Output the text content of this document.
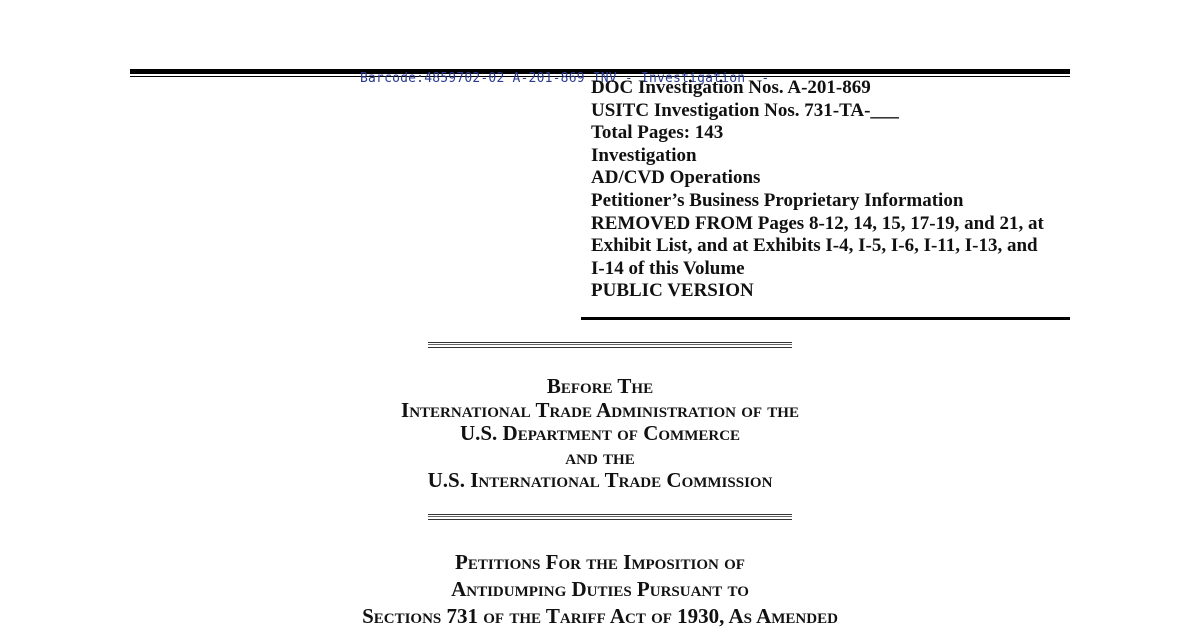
Barcode:4859702-02 A-201-869 INV - Investigation  -
DOC Investigation Nos. A-201-869
USITC Investigation Nos. 731-TA-___
Total Pages: 143
Investigation
AD/CVD Operations
Petitioner’s Business Proprietary Information
REMOVED FROM Pages 8-12, 14, 15, 17-19, and 21, at
Exhibit List, and at Exhibits I-4, I-5, I-6, I-11, I-13, and
I-14 of this Volume
PUBLIC VERSION
Before The
International Trade Administration of the
U.S. Department of Commerce
and the
U.S. International Trade Commission
Petitions For the Imposition of
Antidumping Duties Pursuant to
Sections 731 of the Tariff Act of 1930, As Amended
